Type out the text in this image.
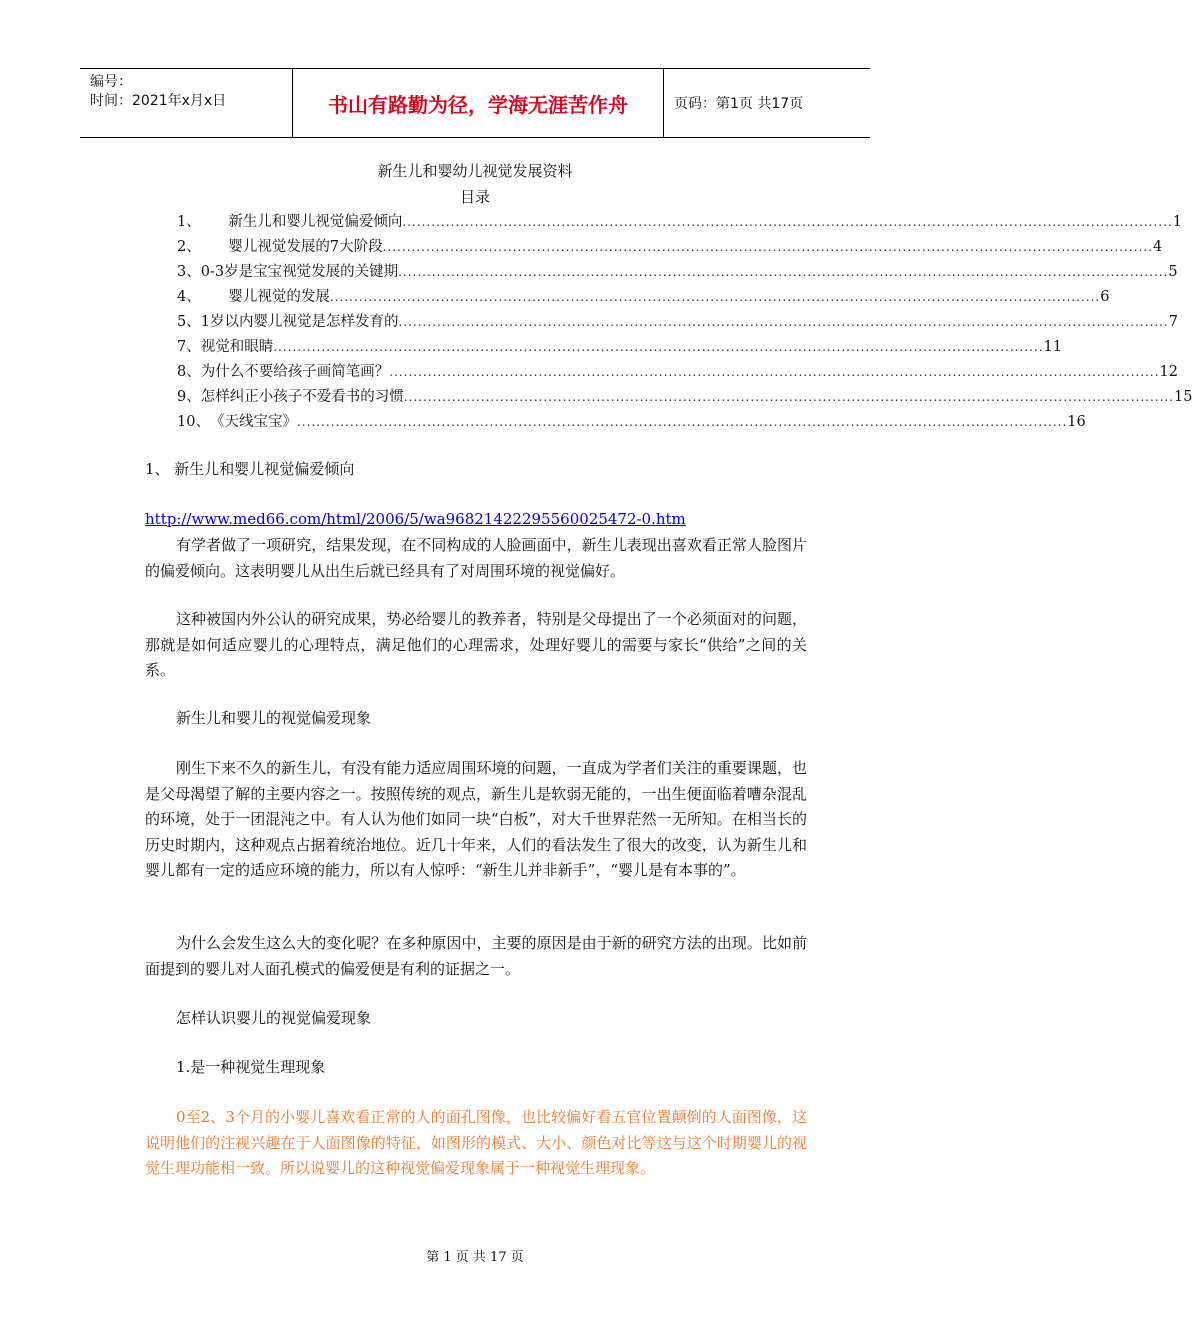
编号：
时间：2021年x月x日	书山有路勤为径，学海无涯苦作舟	页码：第1页 共17页
新生儿和婴幼儿视觉发展资料
目录
1、 新生儿和婴儿视觉偏爱倾向 ................................................................................................................................................................ 1
2、 婴儿视觉发展的7大阶段 ................................................................................................................................................................ 4
3、 0-3岁是宝宝视觉发展的关键期 ................................................................................................................................................................ 5
4、 婴儿视觉的发展 ................................................................................................................................................................ 6
5、 1岁以内婴儿视觉是怎样发育的 ................................................................................................................................................................ 7
7、 视觉和眼睛 ................................................................................................................................................................ 11
8、 为什么不要给孩子画简笔画？ ................................................................................................................................................................ 12
9、 怎样纠正小孩子不爱看书的习惯 ................................................................................................................................................................ 15
10、 《天线宝宝》 ................................................................................................................................................................ 16
1、 新生儿和婴儿视觉偏爱倾向
http://www.med66.com/html/2006/5/wa96821422295560025472-0.htm
有学者做了一项研究，结果发现，在不同构成的人脸画面中，新生儿表现出喜欢看正常人脸图片的偏爱倾向。这表明婴儿从出生后就已经具有了对周围环境的视觉偏好。
这种被国内外公认的研究成果，势必给婴儿的教养者，特别是父母提出了一个必须面对的问题，那就是如何适应婴儿的心理特点，满足他们的心理需求，处理好婴儿的需要与家长“供给”之间的关系。
新生儿和婴儿的视觉偏爱现象
刚生下来不久的新生儿，有没有能力适应周围环境的问题，一直成为学者们关注的重要课题，也是父母渴望了解的主要内容之一。按照传统的观点，新生儿是软弱无能的，一出生便面临着嘈杂混乱的环境，处于一团混沌之中。有人认为他们如同一块“白板”，对大千世界茫然一无所知。在相当长的历史时期内，这种观点占据着统治地位。近几十年来，人们的看法发生了很大的改变，认为新生儿和婴儿都有一定的适应环境的能力，所以有人惊呼：“新生儿并非新手”，“婴儿是有本事的”。
为什么会发生这么大的变化呢？在多种原因中，主要的原因是由于新的研究方法的出现。比如前面提到的婴儿对人面孔模式的偏爱便是有利的证据之一。
怎样认识婴儿的视觉偏爱现象
1.是一种视觉生理现象
0至2、3个月的小婴儿喜欢看正常的人的面孔图像，也比较偏好看五官位置颠倒的人面图像，这说明他们的注视兴趣在于人面图像的特征，如图形的模式、大小、颜色对比等这与这个时期婴儿的视觉生理功能相一致。所以说婴儿的这种视觉偏爱现象属于一种视觉生理现象。
第 1 页 共 17 页
